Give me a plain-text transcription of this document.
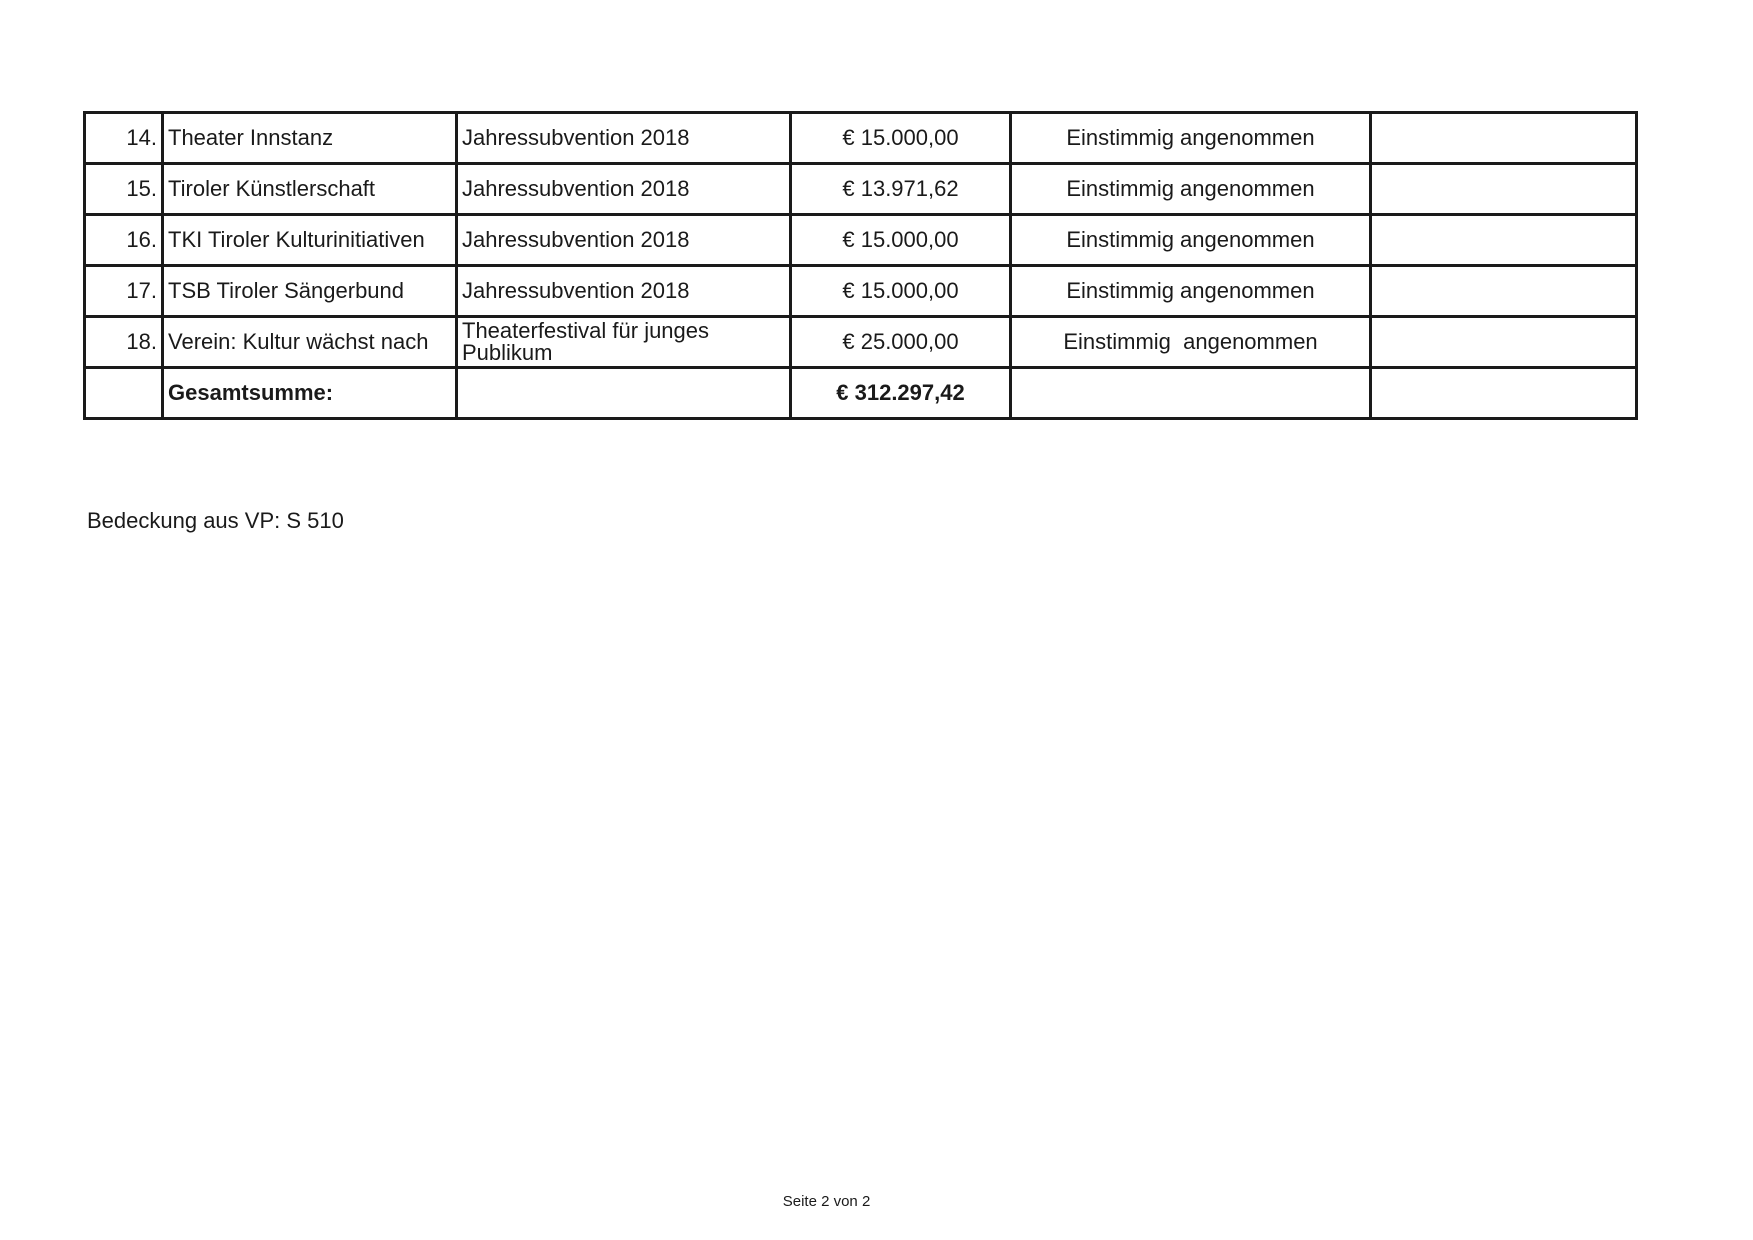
14.	Theater Innstanz	Jahressubvention 2018	€ 15.000,00	Einstimmig angenommen	
15.	Tiroler Künstlerschaft	Jahressubvention 2018	€ 13.971,62	Einstimmig angenommen	
16.	TKI Tiroler Kulturinitiativen	Jahressubvention 2018	€ 15.000,00	Einstimmig angenommen	
17.	TSB Tiroler Sängerbund	Jahressubvention 2018	€ 15.000,00	Einstimmig angenommen	
18.	Verein: Kultur wächst nach	Theaterfestival für junges Publikum	€ 25.000,00	Einstimmig  angenommen	
	Gesamtsumme:		€ 312.297,42		
Bedeckung aus VP: S 510
Seite 2 von 2
